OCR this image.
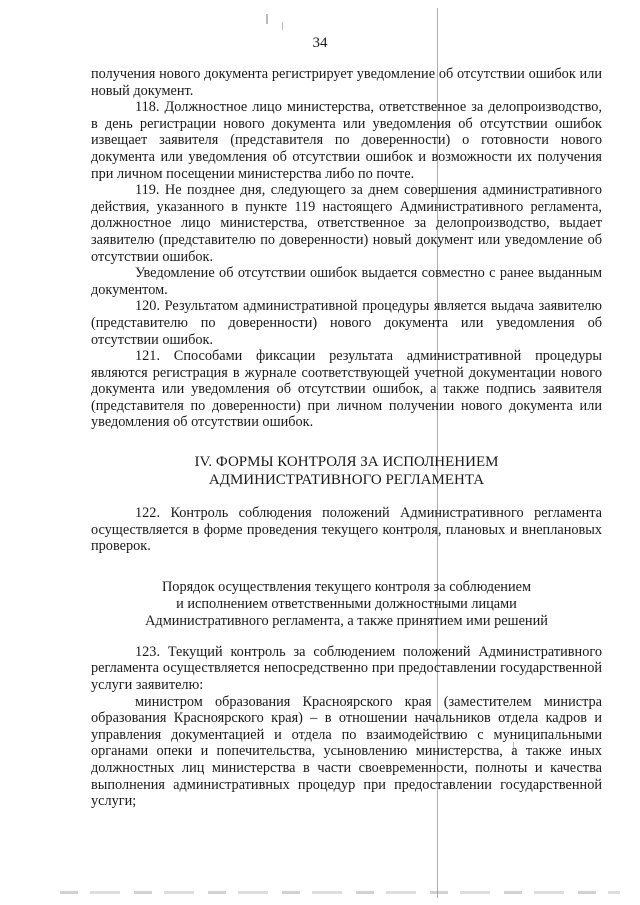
34

получения нового документа регистрирует уведомление об отсутствии ошибок или новый документ.

118. Должностное лицо министерства, ответственное за делопроизводство, в день регистрации нового документа или уведомления об отсутствии ошибок извещает заявителя (представителя по доверенности) о готовности нового документа или уведомления об отсутствии ошибок и возможности их получения при личном посещении министерства либо по почте.

119. Не позднее дня, следующего за днем совершения административного действия, указанного в пункте 119 настоящего Административного регламента, должностное лицо министерства, ответственное за делопроизводство, выдает заявителю (представителю по доверенности) новый документ или уведомление об отсутствии ошибок.

Уведомление об отсутствии ошибок выдается совместно с ранее выданным документом.

120. Результатом административной процедуры является выдача заявителю (представителю по доверенности) нового документа или уведомления об отсутствии ошибок.

121. Способами фиксации результата административной процедуры являются регистрация в журнале соответствующей учетной документации нового документа или уведомления об отсутствии ошибок, а также подпись заявителя (представителя по доверенности) при личном получении нового документа или уведомления об отсутствии ошибок.

IV. ФОРМЫ КОНТРОЛЯ ЗА ИСПОЛНЕНИЕМ
АДМИНИСТРАТИВНОГО РЕГЛАМЕНТА

122. Контроль соблюдения положений Административного регламента осуществляется в форме проведения текущего контроля, плановых и внеплановых проверок.

Порядок осуществления текущего контроля за соблюдением
и исполнением ответственными должностными лицами
Административного регламента, а также принятием ими решений

123. Текущий контроль за соблюдением положений Административного регламента осуществляется непосредственно при предоставлении государственной услуги заявителю:

министром образования Красноярского края (заместителем министра образования Красноярского края) – в отношении начальников отдела кадров и управления документацией и отдела по взаимодействию с муниципальными органами опеки и попечительства, усыновлению министерства, а также иных должностных лиц министерства в части своевременности, полноты и качества выполнения административных процедур при предоставлении государственной услуги;
